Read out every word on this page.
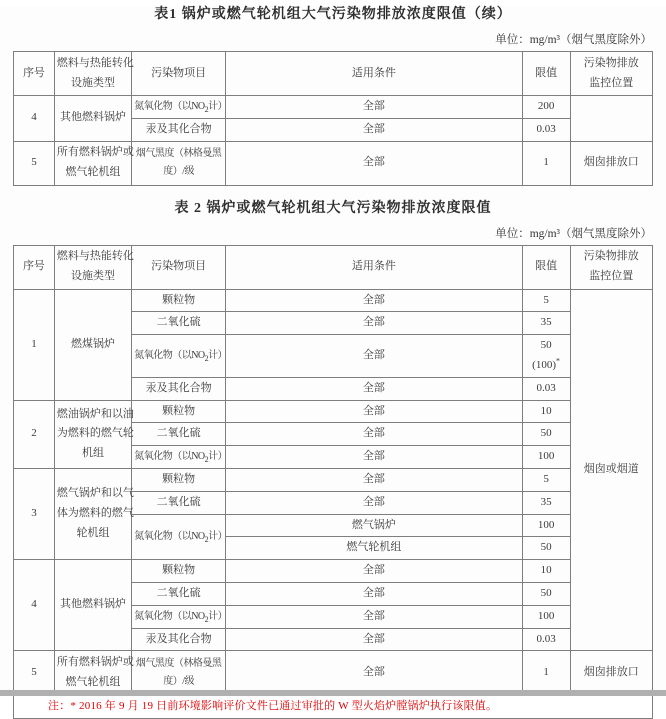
表1 锅炉或燃气轮机组大气污染物排放浓度限值（续）
单位：mg/m³（烟气黑度除外）
序号	燃料与热能转化
设施类型	污染物项目	适用条件	限值	污染物排放
监控位置
4	其他燃料锅炉	氮氧化物（以$NO_2$计）	全部	200	
		汞及其化合物	全部	0.03	
5	所有燃料锅炉或
燃气轮机组	烟气黑度（林格曼黑
度）/级	全部	1	烟囱排放口
表 2 锅炉或燃气轮机组大气污染物排放浓度限值
单位：mg/m³（烟气黑度除外）
序号	燃料与热能转化
设施类型	污染物项目	适用条件	限值	污染物排放
监控位置
1	燃煤锅炉	颗粒物	全部	5	烟囱或烟道
		二氧化硫	全部	35	
		氮氧化物（以$NO_2$计）	全部	50
(100)*
		汞及其化合物	全部	0.03	
2	燃油锅炉和以油
为燃料的燃气轮
机组	颗粒物	全部	10	
		二氧化硫	全部	50	
		氮氧化物（以$NO_2$计）	全部	100	
3	燃气锅炉和以气
体为燃料的燃气
轮机组	颗粒物	全部	5	
		二氧化硫	全部	35	
		氮氧化物（以$NO_2$计）	燃气锅炉	100	
			燃气轮机组	50	
4	其他燃料锅炉	颗粒物	全部	10	
		二氧化硫	全部	50	
		氮氧化物（以$NO_2$计）	全部	100	
		汞及其化合物	全部	0.03	
5	所有燃料锅炉或
燃气轮机组	烟气黑度（林格曼黑
度）/级	全部	1	烟囱排放口
注：* 2016 年 9 月 19 日前环境影响评价文件已通过审批的 W 型火焰炉膛锅炉执行该限值。					
